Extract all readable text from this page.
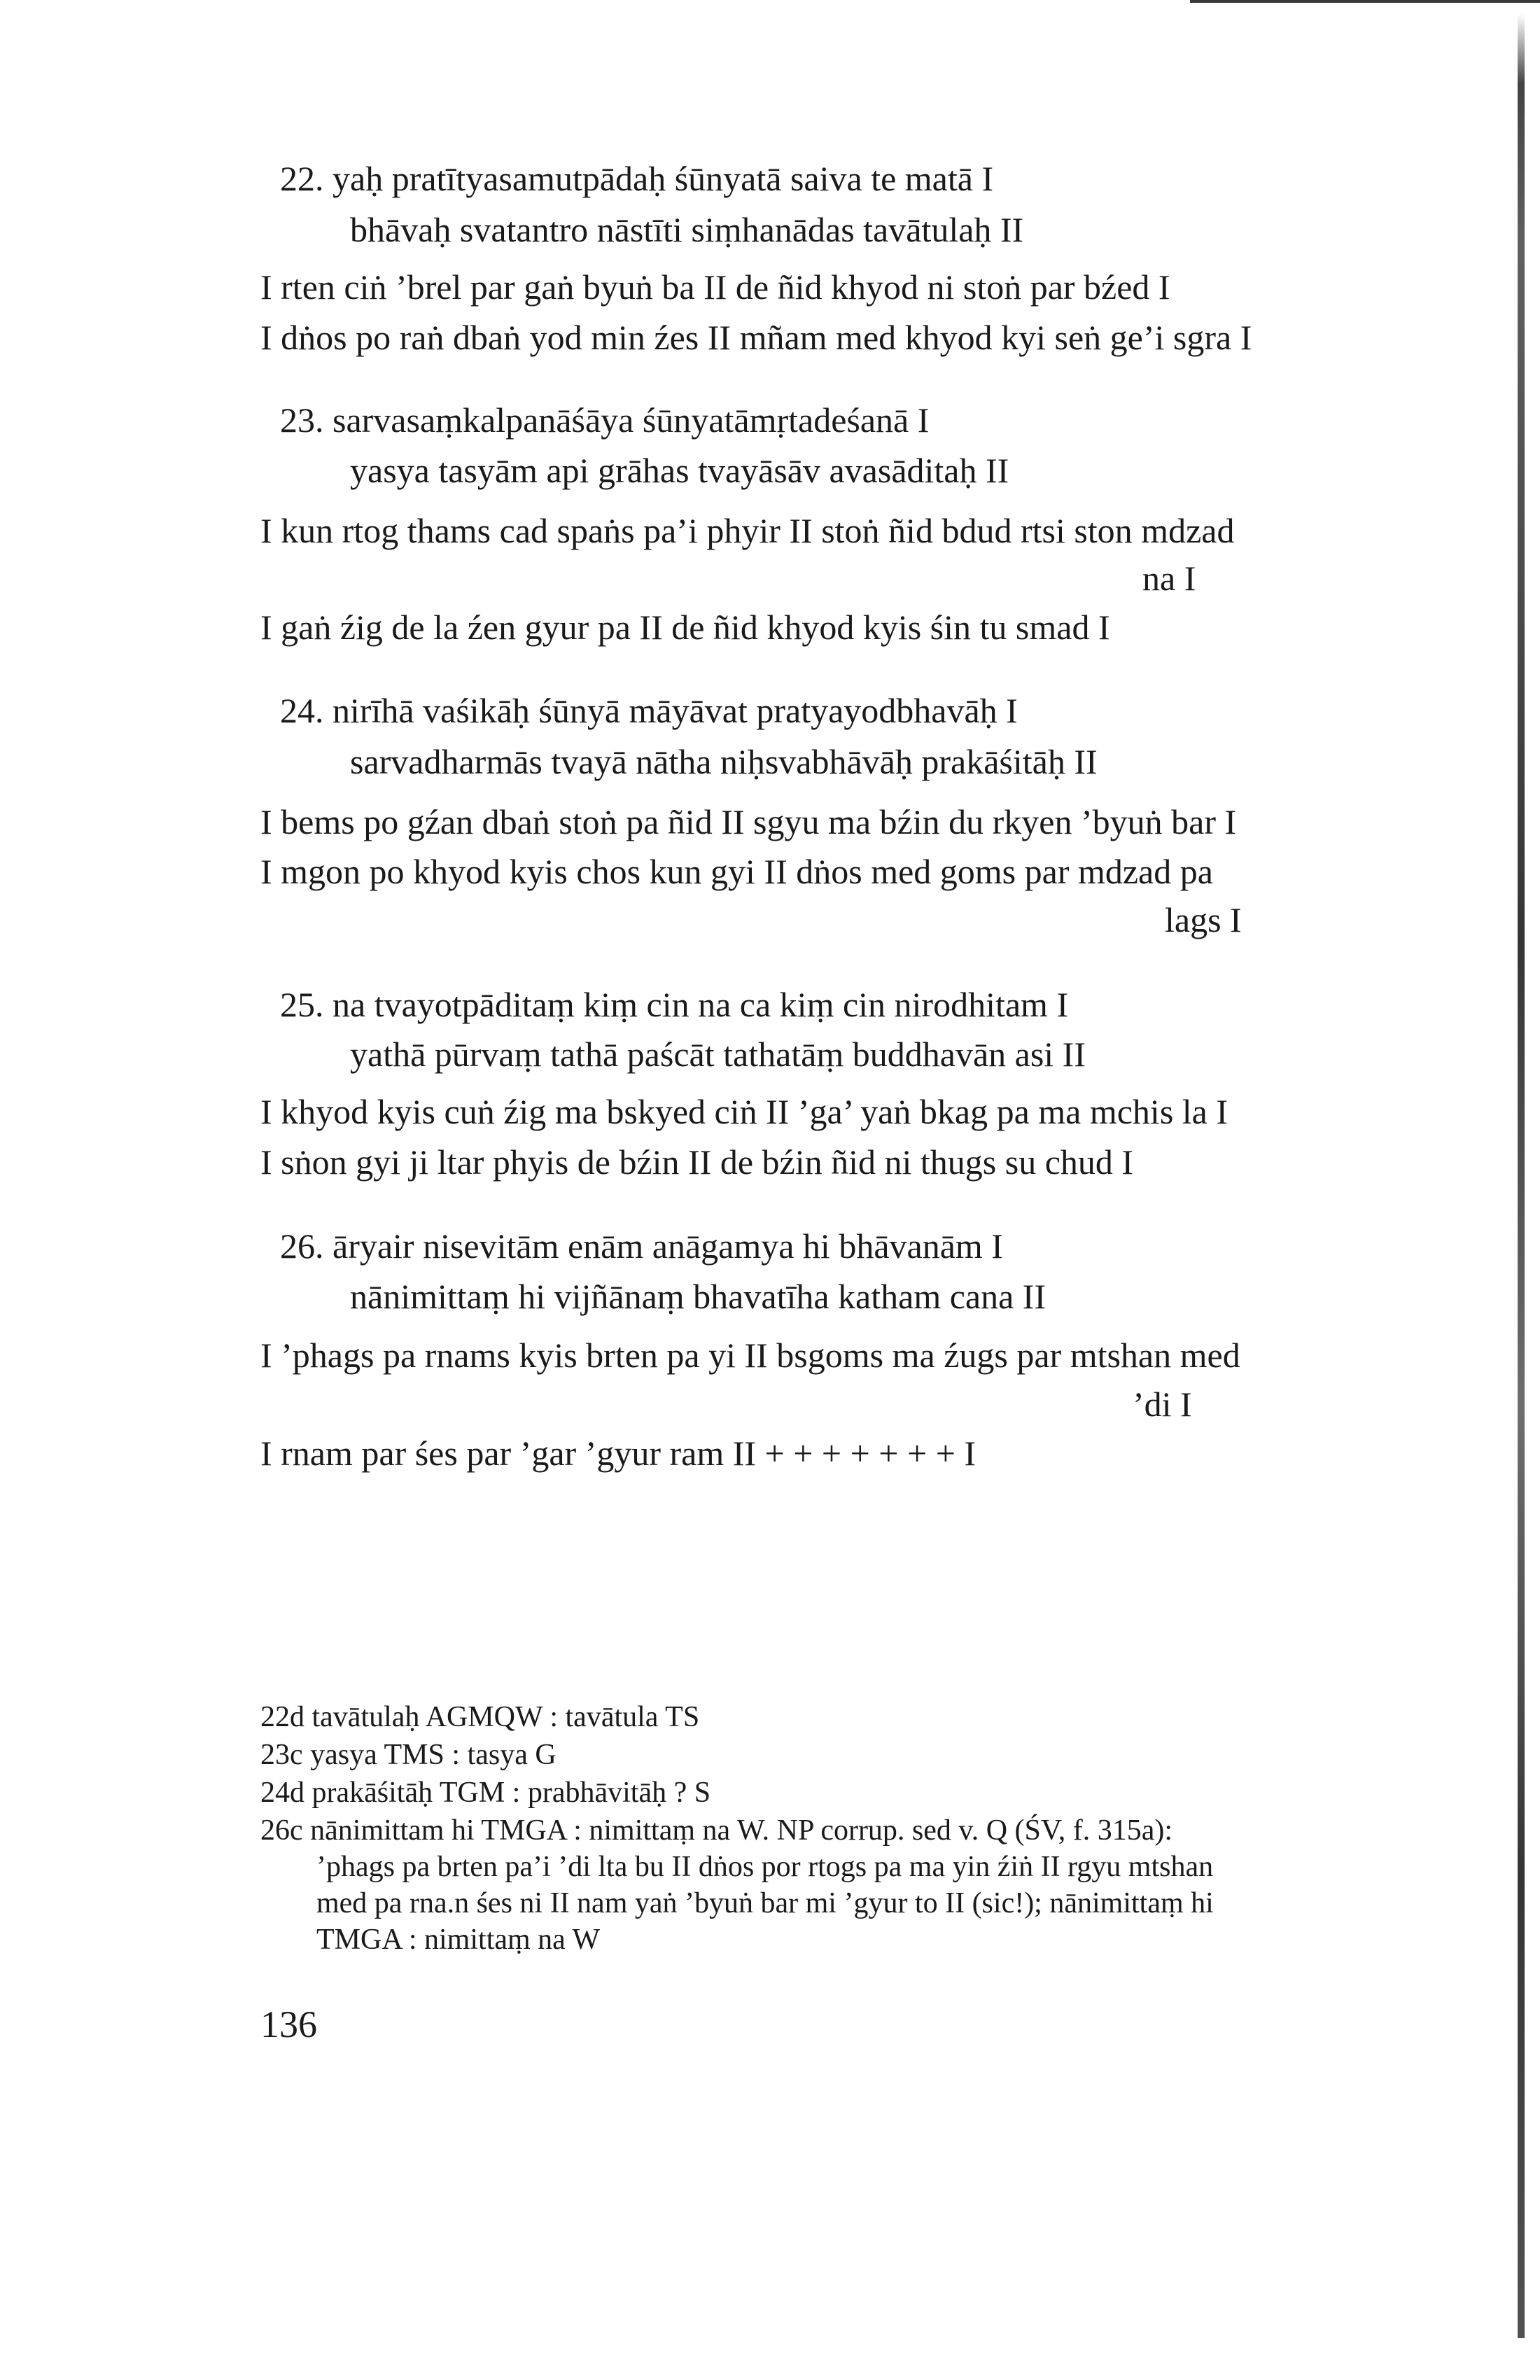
22. yaḥ pratītyasamutpādaḥ śūnyatā saiva te matā I
bhāvaḥ svatantro nāstīti siṃhanādas tavātulaḥ II
I rten ciṅ ’brel par gaṅ byuṅ ba II de ñid khyod ni stoṅ par bźed I
I dṅos po raṅ dbaṅ yod min źes II mñam med khyod kyi seṅ ge’i sgra I
23. sarvasaṃkalpanāśāya śūnyatāmṛtadeśanā I
yasya tasyām api grāhas tvayāsāv avasāditaḥ II
I kun rtog thams cad spaṅs pa’i phyir II stoṅ ñid bdud rtsi ston mdzad
na I
I gaṅ źig de la źen gyur pa II de ñid khyod kyis śin tu smad I
24. nirīhā vaśikāḥ śūnyā māyāvat pratyayodbhavāḥ I
sarvadharmās tvayā nātha niḥsvabhāvāḥ prakāśitāḥ II
I bems po gźan dbaṅ stoṅ pa ñid II sgyu ma bźin du rkyen ’byuṅ bar I
I mgon po khyod kyis chos kun gyi II dṅos med goms par mdzad pa
lags I
25. na tvayotpāditaṃ kiṃ cin na ca kiṃ cin nirodhitam I
yathā pūrvaṃ tathā paścāt tathatāṃ buddhavān asi II
I khyod kyis cuṅ źig ma bskyed ciṅ II ’ga’ yaṅ bkag pa ma mchis la I
I sṅon gyi ji ltar phyis de bźin II de bźin ñid ni thugs su chud I
26. āryair nisevitām enām anāgamya hi bhāvanām I
nānimittaṃ hi vijñānaṃ bhavatīha katham cana II
I ’phags pa rnams kyis brten pa yi II bsgoms ma źugs par mtshan med
’di I
I rnam par śes par ’gar ’gyur ram II + + + + + + + I
22d tavātulaḥ AGMQW : tavātula TS
23c yasya TMS : tasya G
24d prakāśitāḥ TGM : prabhāvitāḥ ? S
26c nānimittam hi TMGA : nimittaṃ na W. NP corrup. sed v. Q (ŚV, f. 315a):
’phags pa brten pa’i ’di lta bu II dṅos por rtogs pa ma yin źiṅ II rgyu mtshan
med pa rna.n śes ni II nam yaṅ ’byuṅ bar mi ’gyur to II (sic!); nānimittaṃ hi
TMGA : nimittaṃ na W
136
